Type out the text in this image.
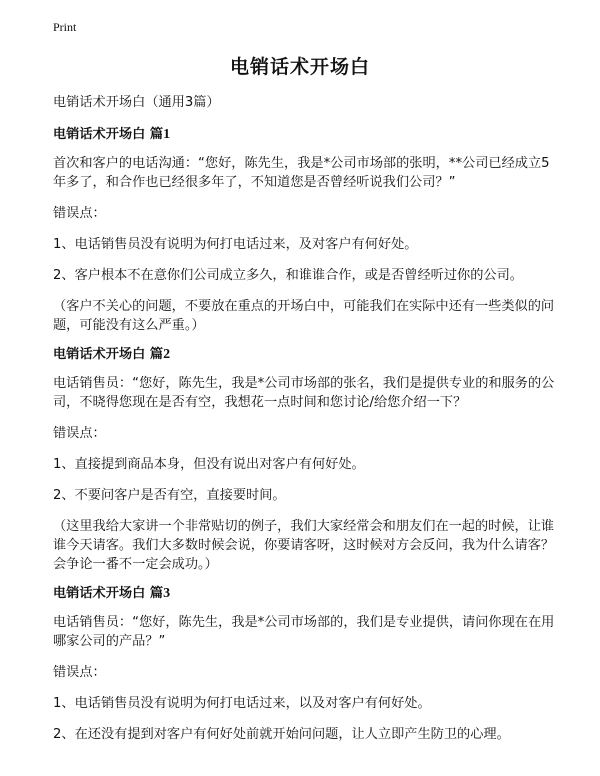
Print
电销话术开场白

电销话术开场白（通用3篇）

电销话术开场白 篇1

首次和客户的电话沟通：“您好，陈先生，我是*公司市场部的张明，**公司已经成立5年多了，和合作也已经很多年了，不知道您是否曾经听说我们公司？”

错误点：

1、电话销售员没有说明为何打电话过来，及对客户有何好处。

2、客户根本不在意你们公司成立多久，和谁谁合作，或是否曾经听过你的公司。

（客户不关心的问题，不要放在重点的开场白中，可能我们在实际中还有一些类似的问题，可能没有这么严重。）

电销话术开场白 篇2

电话销售员：“您好，陈先生，我是*公司市场部的张名，我们是提供专业的和服务的公司，不晓得您现在是否有空，我想花一点时间和您讨论/给您介绍一下？

错误点：

1、直接提到商品本身，但没有说出对客户有何好处。

2、不要问客户是否有空，直接要时间。

（这里我给大家讲一个非常贴切的例子，我们大家经常会和朋友们在一起的时候，让谁谁今天请客。我们大多数时候会说，你要请客呀，这时候对方会反问，我为什么请客？会争论一番不一定会成功。）

电销话术开场白 篇3

电话销售员：“您好，陈先生，我是*公司市场部的，我们是专业提供，请问你现在在用哪家公司的产品？”

错误点：

1、电话销售员没有说明为何打电话过来，以及对客户有何好处。

2、在还没有提到对客户有何好处前就开始问问题，让人立即产生防卫的心理。
